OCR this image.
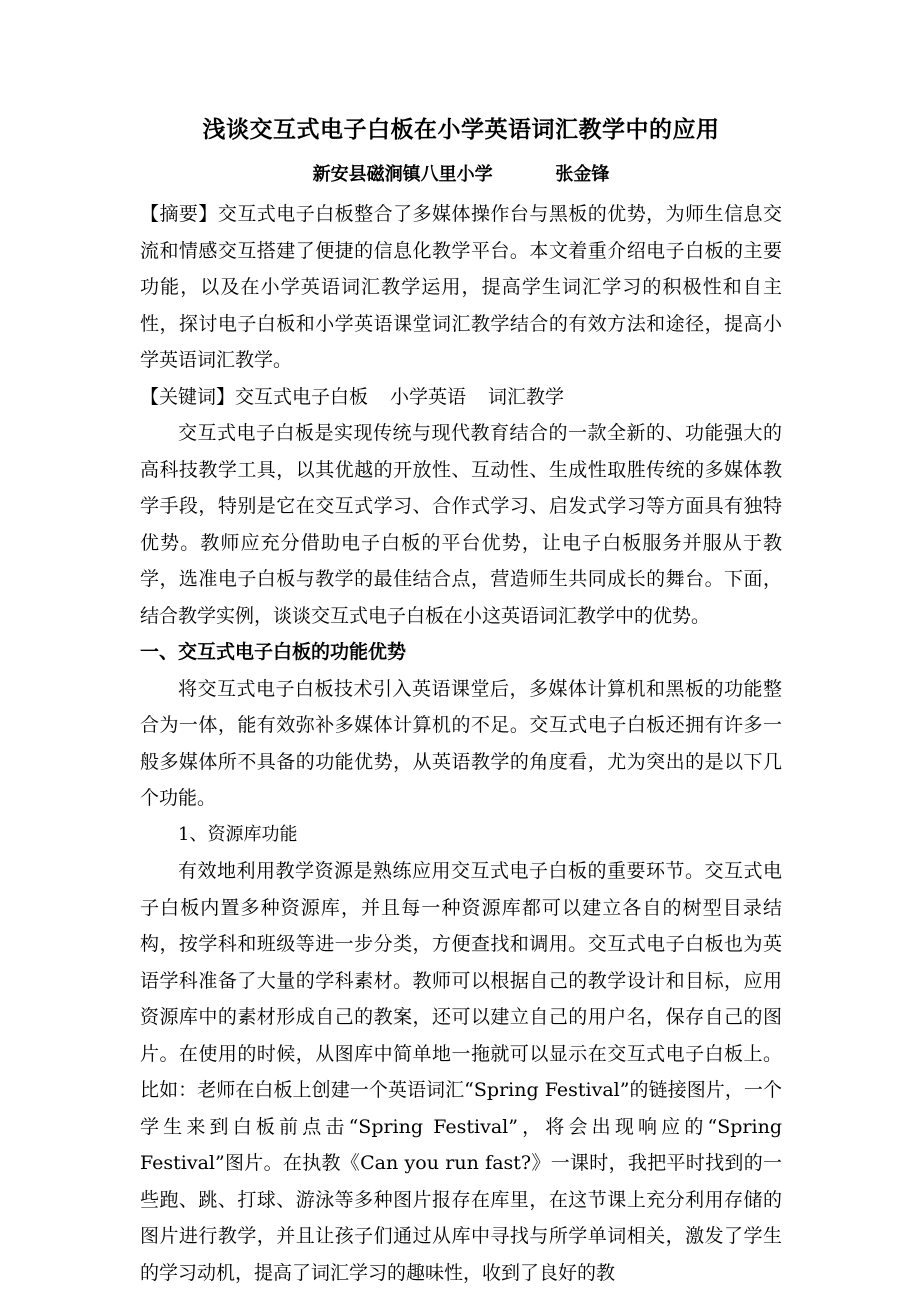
浅谈交互式电子白板在小学英语词汇教学中的应用
新安县磁涧镇八里小学          张金锋

【摘要】交互式电子白板整合了多媒体操作台与黑板的优势，为师生信息交流和情感交互搭建了便捷的信息化教学平台。本文着重介绍电子白板的主要功能，以及在小学英语词汇教学运用，提高学生词汇学习的积极性和自主性，探讨电子白板和小学英语课堂词汇教学结合的有效方法和途径，提高小学英语词汇教学。

【关键词】交互式电子白板 小学英语 词汇教学

交互式电子白板是实现传统与现代教育结合的一款全新的、功能强大的高科技教学工具，以其优越的开放性、互动性、生成性取胜传统的多媒体教学手段，特别是它在交互式学习、合作式学习、启发式学习等方面具有独特优势。教师应充分借助电子白板的平台优势，让电子白板服务并服从于教学，选准电子白板与教学的最佳结合点，营造师生共同成长的舞台。下面，结合教学实例，谈谈交互式电子白板在小这英语词汇教学中的优势。

一、交互式电子白板的功能优势

将交互式电子白板技术引入英语课堂后，多媒体计算机和黑板的功能整合为一体，能有效弥补多媒体计算机的不足。交互式电子白板还拥有许多一般多媒体所不具备的功能优势，从英语教学的角度看，尤为突出的是以下几个功能。

1、资源库功能

有效地利用教学资源是熟练应用交互式电子白板的重要环节。交互式电子白板内置多种资源库，并且每一种资源库都可以建立各自的树型目录结构，按学科和班级等进一步分类，方便查找和调用。交互式电子白板也为英语学科准备了大量的学科素材。教师可以根据自己的教学设计和目标，应用资源库中的素材形成自己的教案，还可以建立自己的用户名，保存自己的图片。在使用的时候，从图库中简单地一拖就可以显示在交互式电子白板上。比如：老师在白板上创建一个英语词汇“Spring Festival”的链接图片，一个学生来到白板前点击“Spring Festival”，将会出现响应的“Spring Festival”图片。在执教《Can you run fast?》一课时，我把平时找到的一些跑、跳、打球、游泳等多种图片报存在库里，在这节课上充分利用存储的图片进行教学，并且让孩子们通过从库中寻找与所学单词相关，激发了学生的学习动机，提高了词汇学习的趣味性，收到了良好的教
